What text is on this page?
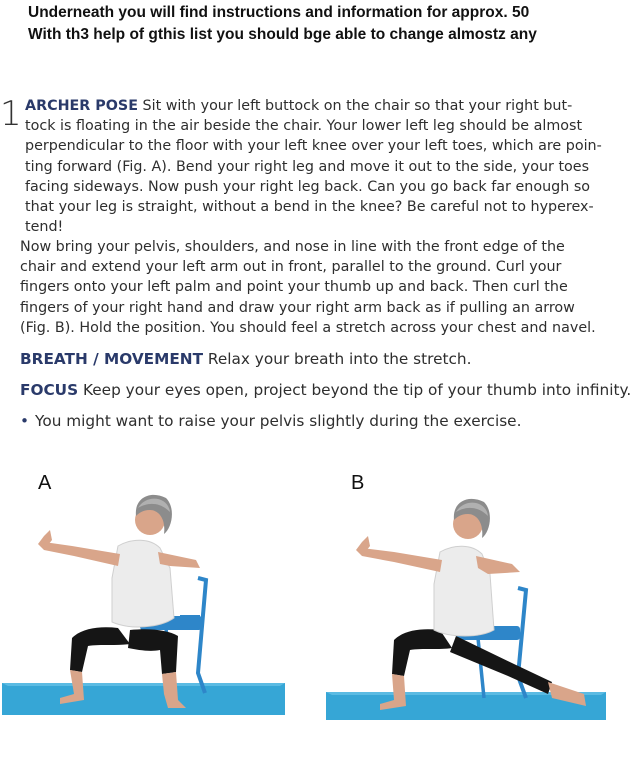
Underneath you will find instructions and information for approx. 50
With th3 help of gthis list you should bge able to change almostz any
1 ARCHER POSE Sit with your left buttock on the chair so that your right but-
tock is floating in the air beside the chair. Your lower left leg should be almost
perpendicular to the floor with your left knee over your left toes, which are poin-
ting forward (Fig. A). Bend your right leg and move it out to the side, your toes
facing sideways. Now push your right leg back. Can you go back far enough so
that your leg is straight, without a bend in the knee? Be careful not to hyperex-
tend!
Now bring your pelvis, shoulders, and nose in line with the front edge of the
chair and extend your left arm out in front, parallel to the ground. Curl your
fingers onto your left palm and point your thumb up and back. Then curl the
fingers of your right hand and draw your right arm back as if pulling an arrow
(Fig. B). Hold the position. You should feel a stretch across your chest and navel.
BREATH / MOVEMENT Relax your breath into the stretch.
FOCUS Keep your eyes open, project beyond the tip of your thumb into infinity.
• You might want to raise your pelvis slightly during the exercise.
A	B
